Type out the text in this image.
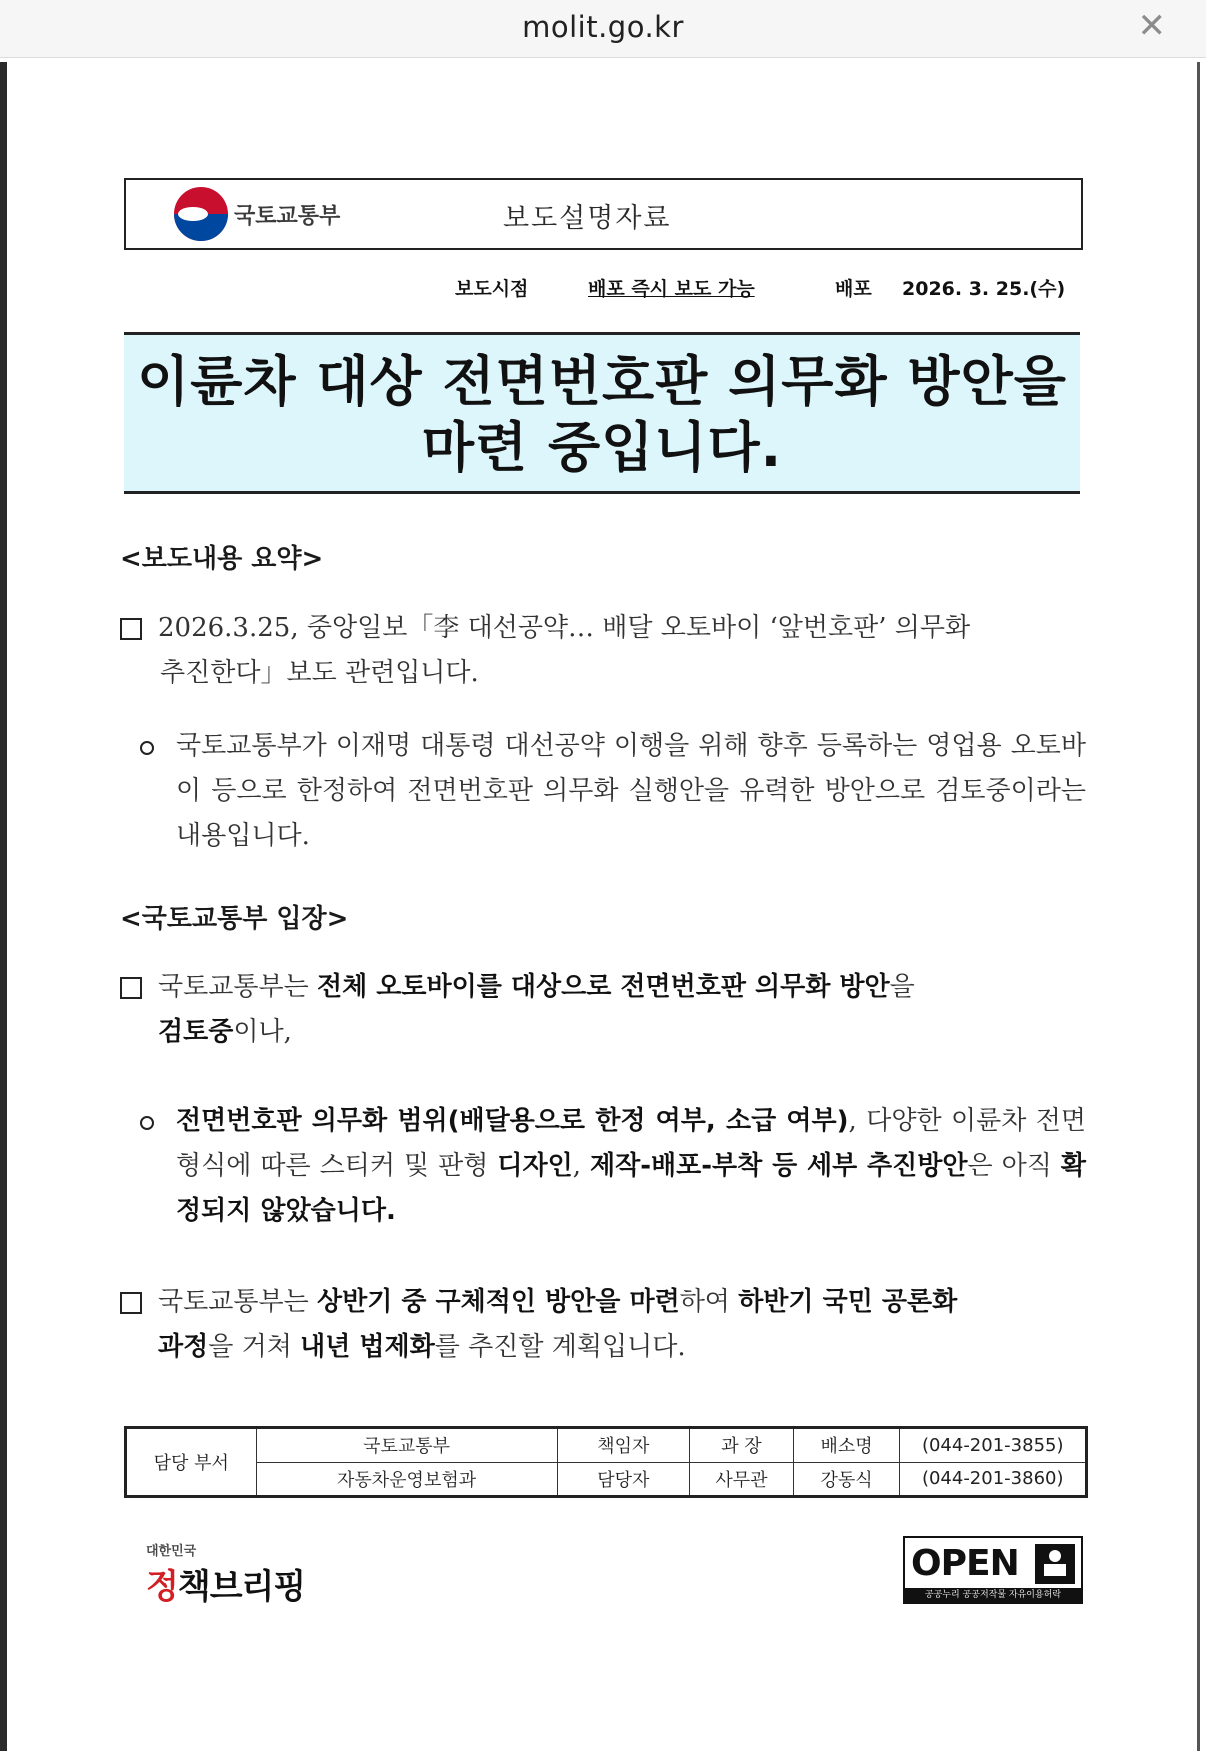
molit.go.kr	✕
국토교통부	보도설명자료
보도시점	배포 즉시 보도 가능	배포 2026. 3. 25.(수)
이륜차 대상 전면번호판 의무화 방안을
마련 중입니다.
<보도내용 요약>
2026.3.25, 중앙일보「李 대선공약… 배달 오토바이 ‘앞번호판’ 의무화
추진한다」보도 관련입니다.
국토교통부가 이재명 대통령 대선공약 이행을 위해 향후 등록하는 영업용 오토바이 등으로 한정하여 전면번호판 의무화 실행안을 유력한 방안으로 검토중이라는 내용입니다.
<국토교통부 입장>
국토교통부는 전체 오토바이를 대상으로 전면번호판 의무화 방안을
검토중이나,
전면번호판 의무화 범위(배달용으로 한정 여부, 소급 여부), 다양한 이륜차 전면 형식에 따른 스티커 및 판형 디자인, 제작-배포-부착 등 세부 추진방안은 아직 확정되지 않았습니다.
국토교통부는 상반기 중 구체적인 방안을 마련하여 하반기 국민 공론화
과정을 거쳐 내년 법제화를 추진할 계획입니다.
담당 부서	국토교통부	책임자	과 장	배소명	(044-201-3855)
	자동차운영보험과	담당자	사무관	강동식	(044-201-3860)
대한민국
정책브리핑
OPEN
공공누리 공공저작물 자유이용허락
